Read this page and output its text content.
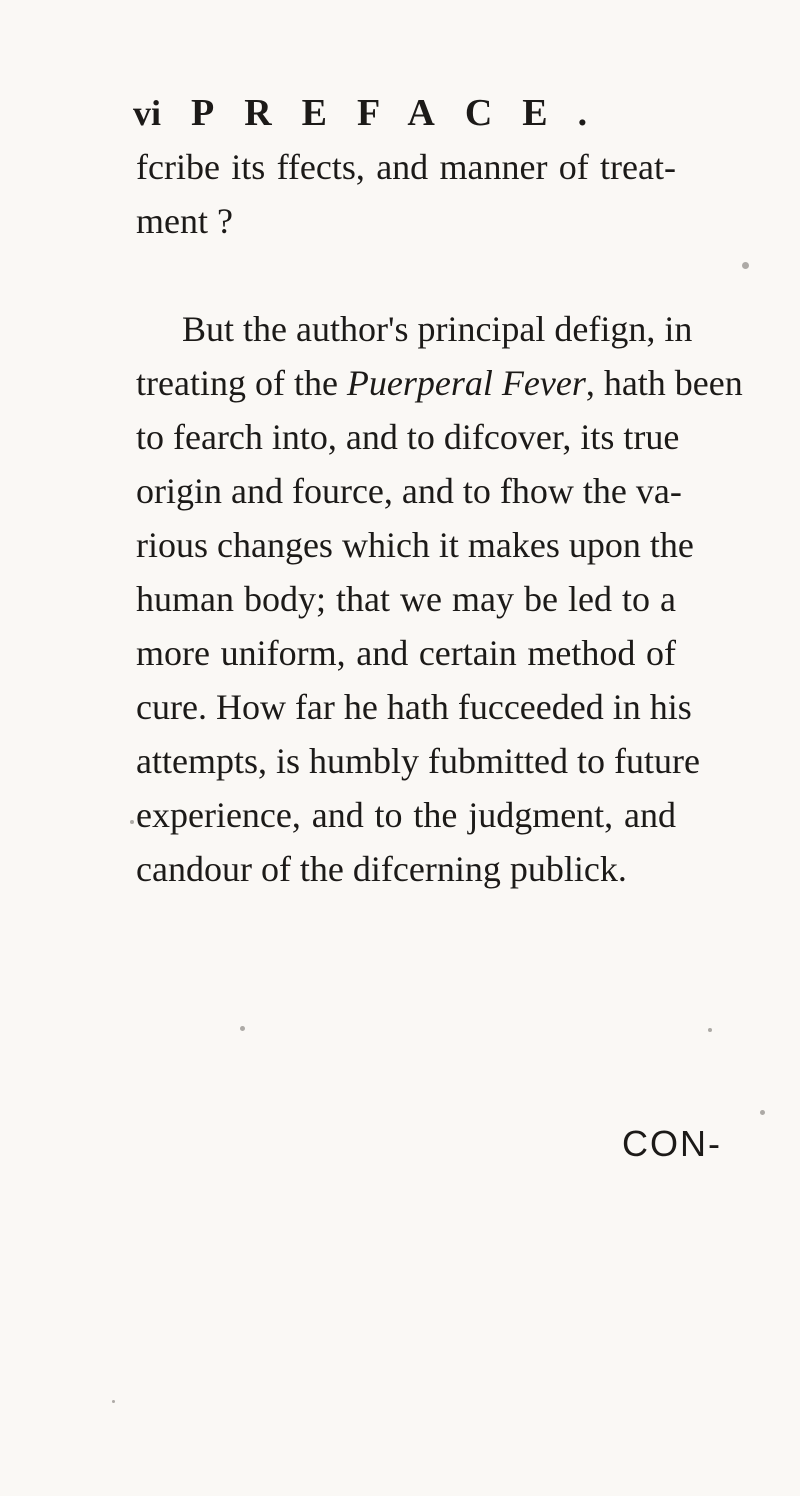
vi PREFACE.
fcribe its ffects, and manner of treat-
ment ?
But the author's principal defign, in
treating of the Puerperal Fever, hath been
to fearch into, and to difcover, its true
origin and fource, and to fhow the va-
rious changes which it makes upon the
human body; that we may be led to a
more uniform, and certain method of
cure. How far he hath fucceeded in his
attempts, is humbly fubmitted to future
experience, and to the judgment, and
candour of the difcerning publick.
CON-
